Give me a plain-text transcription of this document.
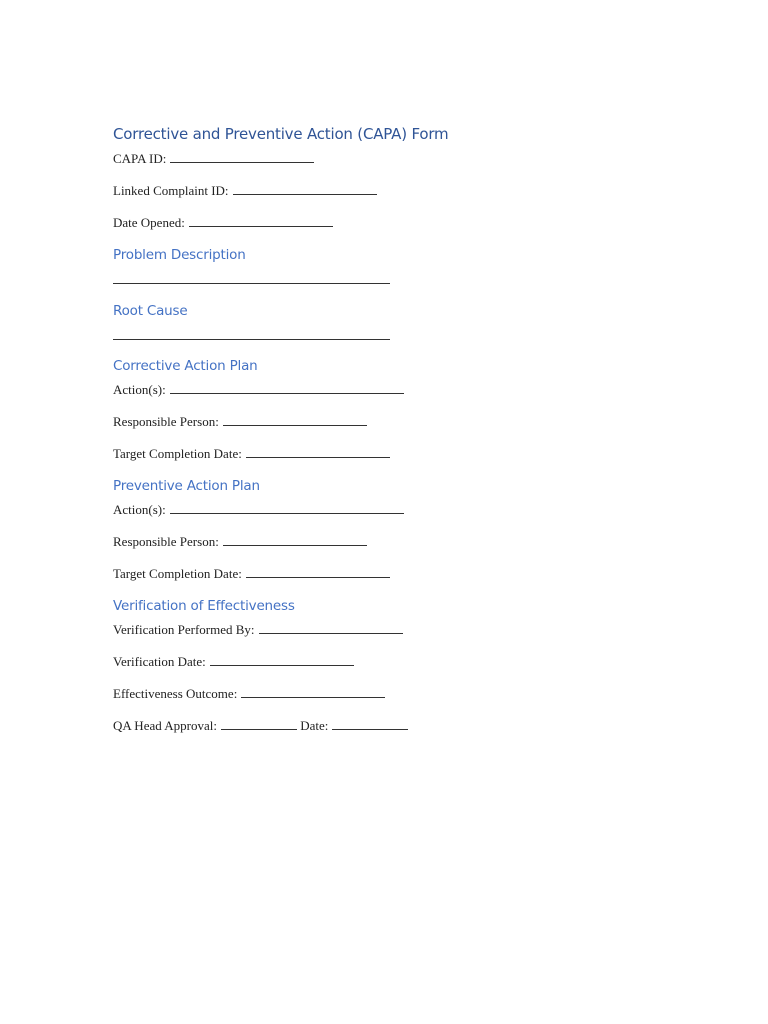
Corrective and Preventive Action (CAPA) Form
CAPA ID:
Linked Complaint ID:
Date Opened:
Problem Description
Root Cause
Corrective Action Plan
Action(s):
Responsible Person:
Target Completion Date:
Preventive Action Plan
Action(s):
Responsible Person:
Target Completion Date:
Verification of Effectiveness
Verification Performed By:
Verification Date:
Effectiveness Outcome:
QA Head Approval:	Date:
